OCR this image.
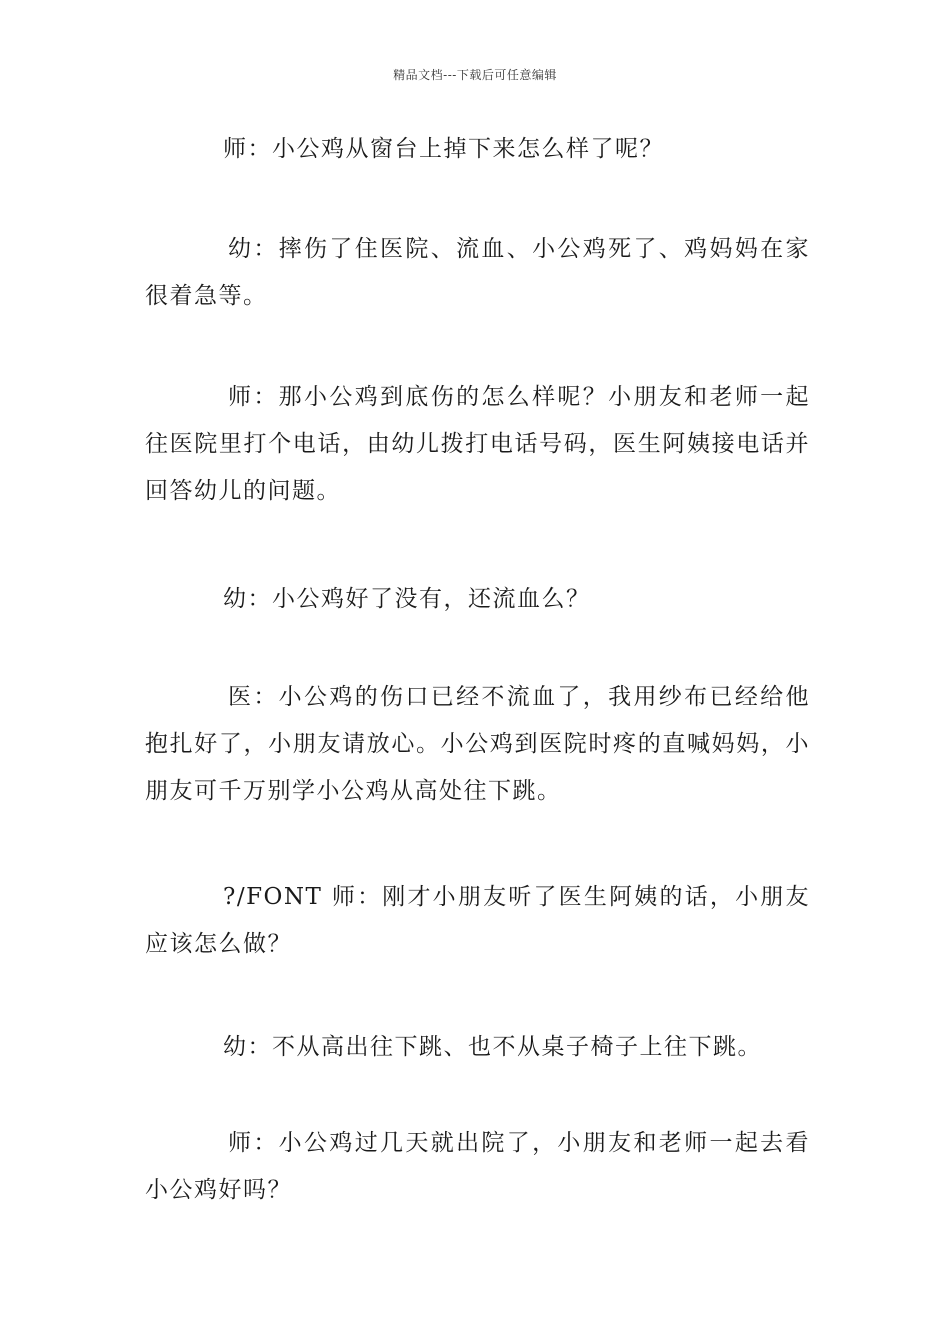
精品文档---下载后可任意编辑

师：小公鸡从窗台上掉下来怎么样了呢？

幼：摔伤了住医院、流血、小公鸡死了、鸡妈妈在家很着急等。

师：那小公鸡到底伤的怎么样呢？小朋友和老师一起往医院里打个电话，由幼儿拨打电话号码，医生阿姨接电话并回答幼儿的问题。

幼：小公鸡好了没有，还流血么？

医：小公鸡的伤口已经不流血了，我用纱布已经给他抱扎好了，小朋友请放心。小公鸡到医院时疼的直喊妈妈，小朋友可千万别学小公鸡从高处往下跳。

?/FONT 师：刚才小朋友听了医生阿姨的话，小朋友应该怎么做？

幼：不从高出往下跳、也不从桌子椅子上往下跳。

师：小公鸡过几天就出院了，小朋友和老师一起去看小公鸡好吗？
